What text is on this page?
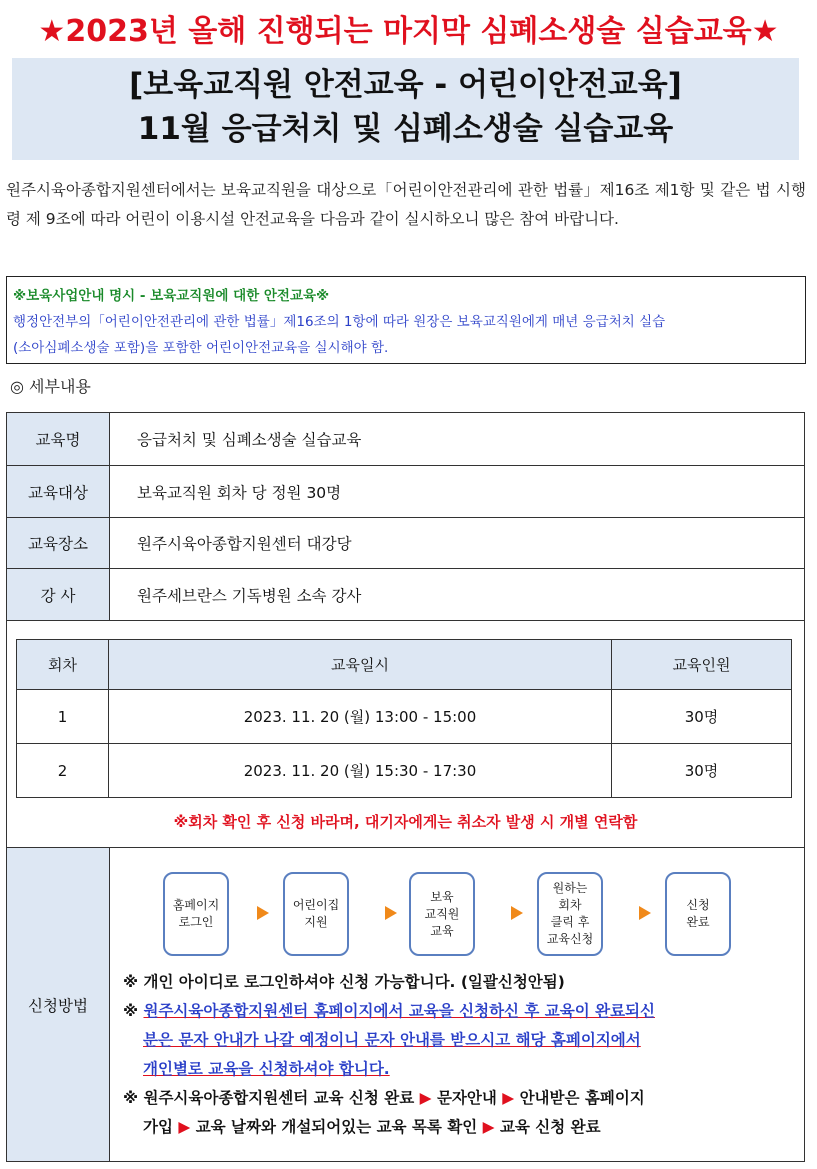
★2023년 올해 진행되는 마지막 심폐소생술 실습교육★
[보육교직원 안전교육 - 어린이안전교육]
11월 응급처치 및 심폐소생술 실습교육
원주시육아종합지원센터에서는 보육교직원을 대상으로「어린이안전관리에 관한 법률」제16조 제1항 및 같은 법 시행령 제 9조에 따라 어린이 이용시설 안전교육을 다음과 같이 실시하오니 많은 참여 바랍니다.
※보육사업안내 명시 - 보육교직원에 대한 안전교육※
행정안전부의「어린이안전관리에 관한 법률」제16조의 1항에 따라 원장은 보육교직원에게 매년 응급처치 실습
(소아심폐소생술 포함)을 포함한 어린이안전교육을 실시해야 함.
◎ 세부내용
교육명	응급처치 및 심폐소생술 실습교육
교육대상	보육교직원 회차 당 정원 30명
교육장소	원주시육아종합지원센터 대강당
강 사	원주세브란스 기독병원 소속 강사
회차	교육일시	교육인원
1	2023. 11. 20 (월) 13:00 - 15:00	30명
2	2023. 11. 20 (월) 15:30 - 17:30	30명
※회차 확인 후 신청 바라며, 대기자에게는 취소자 발생 시 개별 연락함
신청방법
홈페이지
로그인
어린이집
지원
보육
교직원
교육
원하는
회차
클릭 후
교육신청
신청
완료
※ 개인 아이디로 로그인하셔야 신청 가능합니다. (일괄신청안됨)
※ 원주시육아종합지원센터 홈페이지에서 교육을 신청하신 후 교육이 완료되신
분은 문자 안내가 나갈 예정이니 문자 안내를 받으시고 해당 홈페이지에서
개인별로 교육을 신청하셔야 합니다.
※ 원주시육아종합지원센터 교육 신청 완료 ▶ 문자안내 ▶ 안내받은 홈페이지
가입 ▶ 교육 날짜와 개설되어있는 교육 목록 확인 ▶ 교육 신청 완료
